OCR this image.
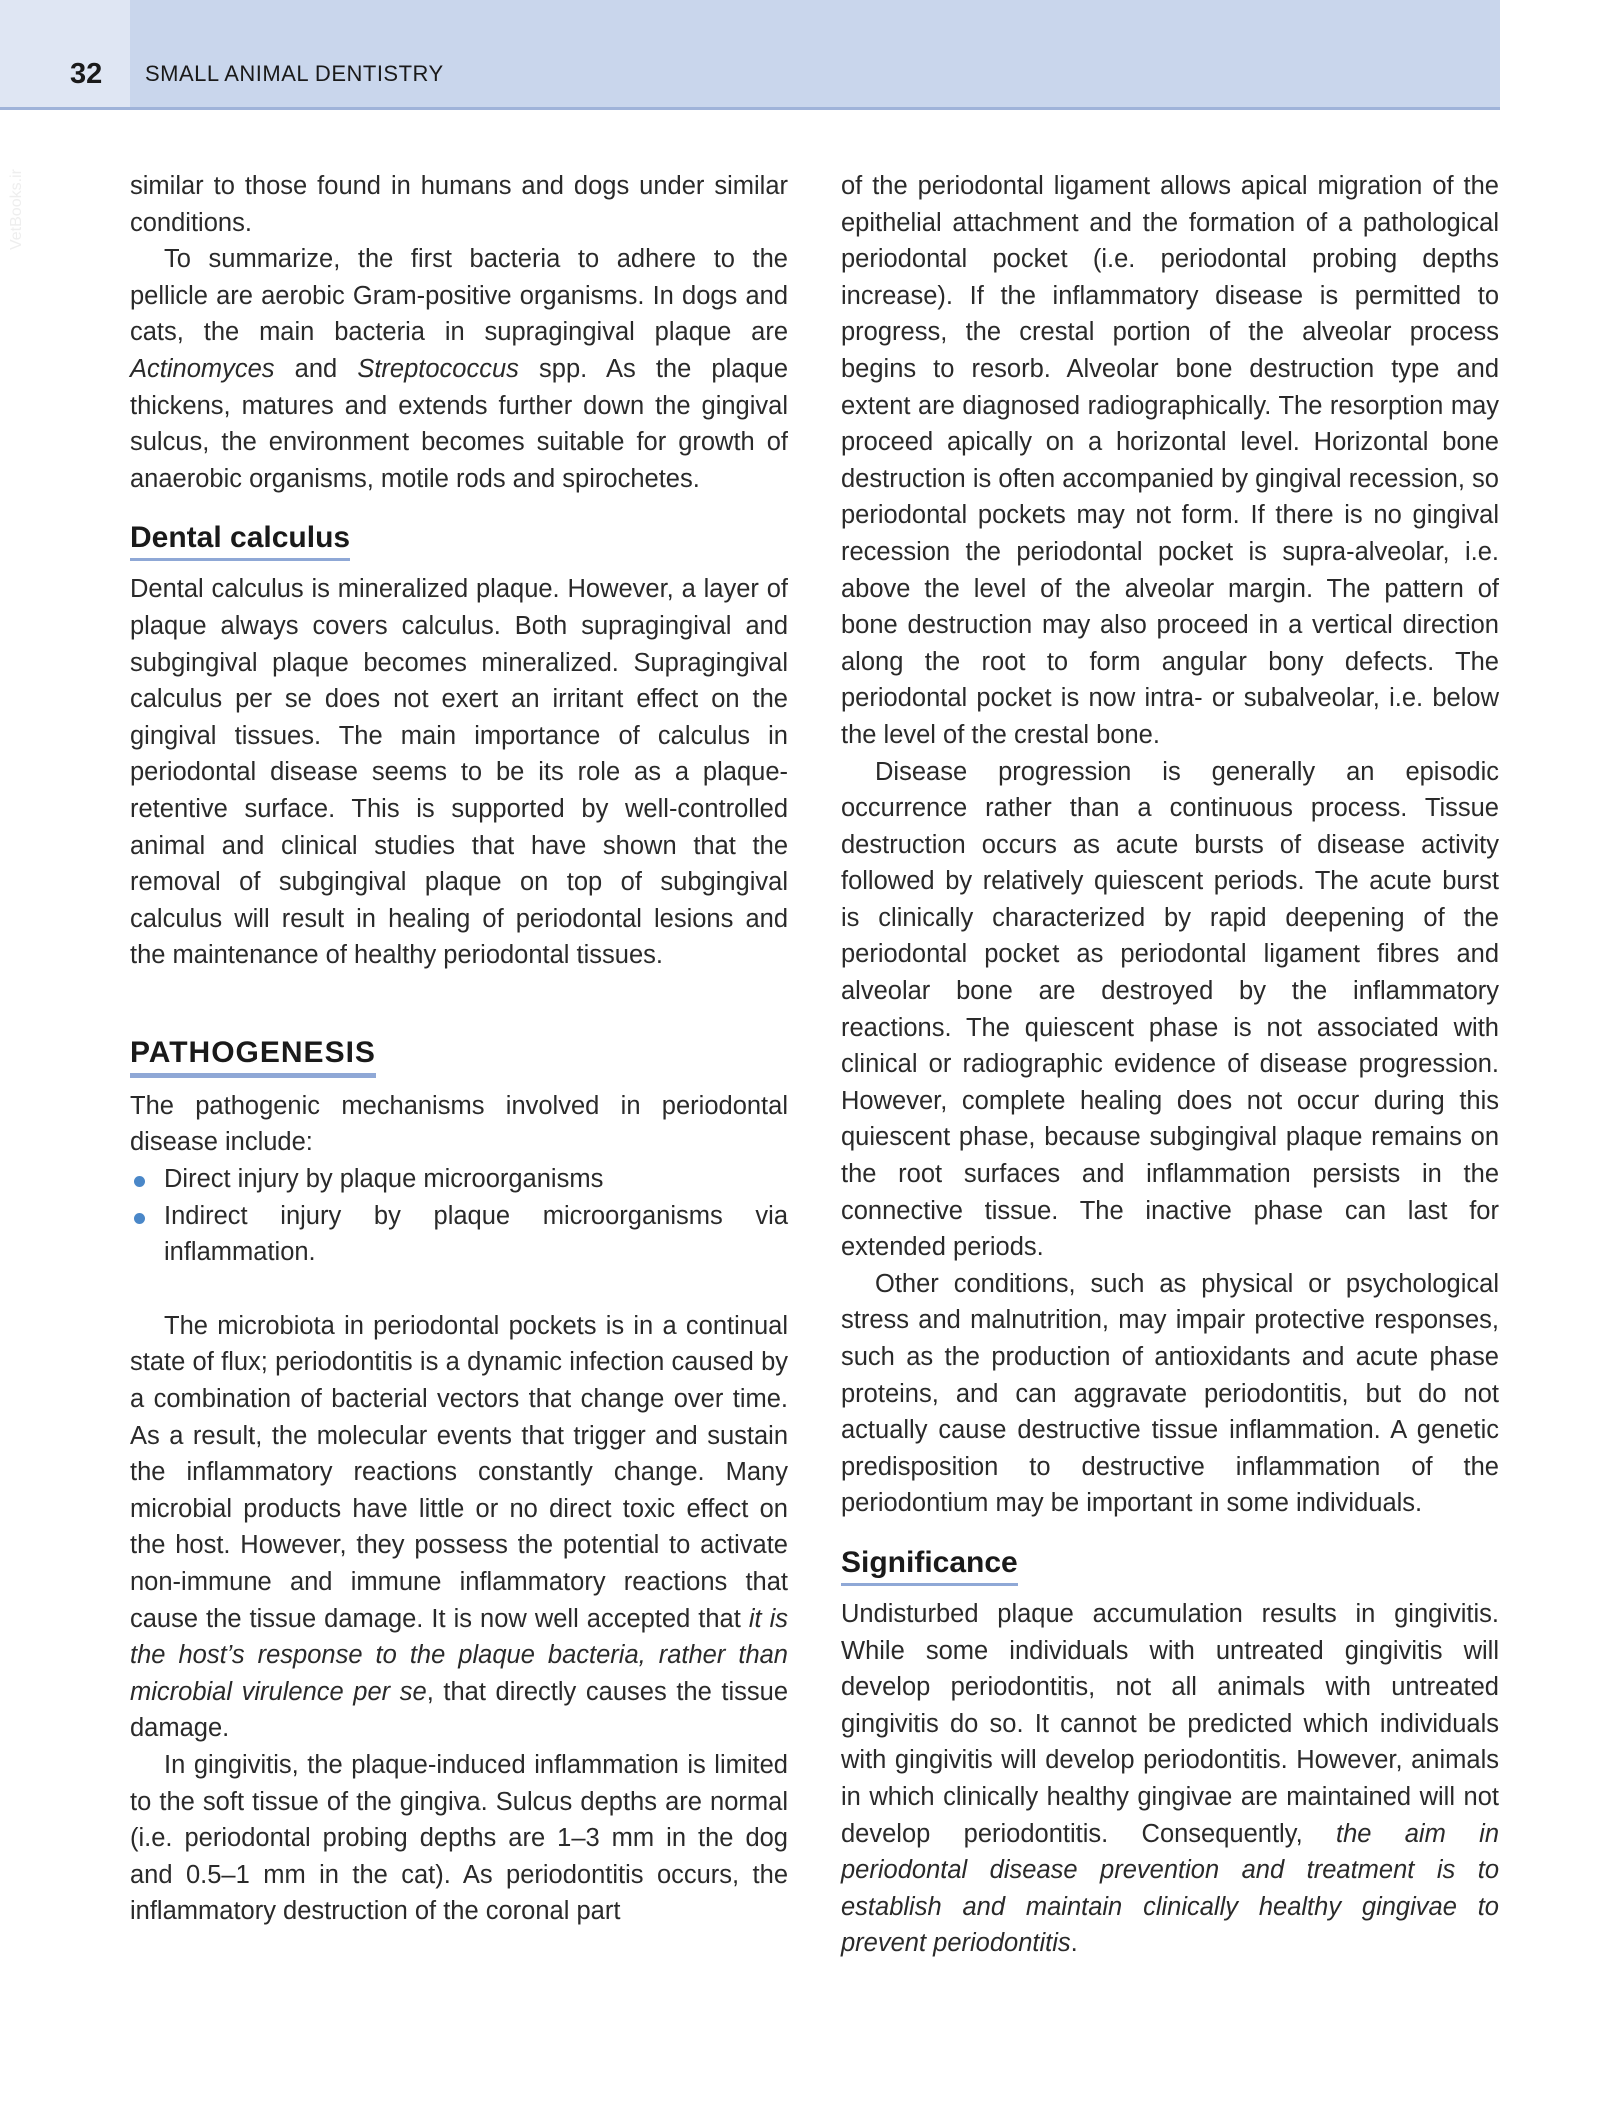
32 SMALL ANIMAL DENTISTRY
VetBooks.ir	similar to those found in humans and dogs under similar conditions.

To summarize, the first bacteria to adhere to the pellicle are aerobic Gram-positive organisms. In dogs and cats, the main bacteria in supragingival plaque are Actinomyces and Streptococcus spp. As the plaque thickens, matures and extends further down the gingival sulcus, the environment becomes suitable for growth of anaerobic organisms, motile rods and spirochetes.

Dental calculus

Dental calculus is mineralized plaque. However, a layer of plaque always covers calculus. Both supragingival and subgingival plaque becomes mineralized. Supragingival calculus per se does not exert an irritant effect on the gingival tissues. The main importance of calculus in periodontal disease seems to be its role as a plaque-retentive surface. This is supported by well-controlled animal and clinical studies that have shown that the removal of subgingival plaque on top of subgingival calculus will result in healing of periodontal lesions and the maintenance of healthy periodontal tissues.

PATHOGENESIS

The pathogenic mechanisms involved in periodontal disease include:

Direct injury by plaque microorganisms
Indirect injury by plaque microorganisms via inflammation.

The microbiota in periodontal pockets is in a continual state of flux; periodontitis is a dynamic infection caused by a combination of bacterial vectors that change over time. As a result, the molecular events that trigger and sustain the inflammatory reactions constantly change. Many microbial products have little or no direct toxic effect on the host. However, they possess the potential to activate non-immune and immune inflammatory reactions that cause the tissue damage. It is now well accepted that it is the host’s response to the plaque bacteria, rather than microbial virulence per se, that directly causes the tissue damage.

In gingivitis, the plaque-induced inflammation is limited to the soft tissue of the gingiva. Sulcus depths are normal (i.e. periodontal probing depths are 1–3 mm in the dog and 0.5–1 mm in the cat). As periodontitis occurs, the inflammatory destruction of the coronal part

of the periodontal ligament allows apical migration of the epithelial attachment and the formation of a pathological periodontal pocket (i.e. periodontal probing depths increase). If the inflammatory disease is permitted to progress, the crestal portion of the alveolar process begins to resorb. Alveolar bone destruction type and extent are diagnosed radiographically. The resorption may proceed apically on a horizontal level. Horizontal bone destruction is often accompanied by gingival recession, so periodontal pockets may not form. If there is no gingival recession the periodontal pocket is supra-alveolar, i.e. above the level of the alveolar margin. The pattern of bone destruction may also proceed in a vertical direction along the root to form angular bony defects. The periodontal pocket is now intra- or subalveolar, i.e. below the level of the crestal bone.

Disease progression is generally an episodic occurrence rather than a continuous process. Tissue destruction occurs as acute bursts of disease activity followed by relatively quiescent periods. The acute burst is clinically characterized by rapid deepening of the periodontal pocket as periodontal ligament fibres and alveolar bone are destroyed by the inflammatory reactions. The quiescent phase is not associated with clinical or radiographic evidence of disease progression. However, complete healing does not occur during this quiescent phase, because subgingival plaque remains on the root surfaces and inflammation persists in the connective tissue. The inactive phase can last for extended periods.

Other conditions, such as physical or psychological stress and malnutrition, may impair protective responses, such as the production of antioxidants and acute phase proteins, and can aggravate periodontitis, but do not actually cause destructive tissue inflammation. A genetic predisposition to destructive inflammation of the periodontium may be important in some individuals.

Significance

Undisturbed plaque accumulation results in gingivitis. While some individuals with untreated gingivitis will develop periodontitis, not all animals with untreated gingivitis do so. It cannot be predicted which individuals with gingivitis will develop periodontitis. However, animals in which clinically healthy gingivae are maintained will not develop periodontitis. Consequently, the aim in periodontal disease prevention and treatment is to establish and maintain clinically healthy gingivae to prevent periodontitis.
